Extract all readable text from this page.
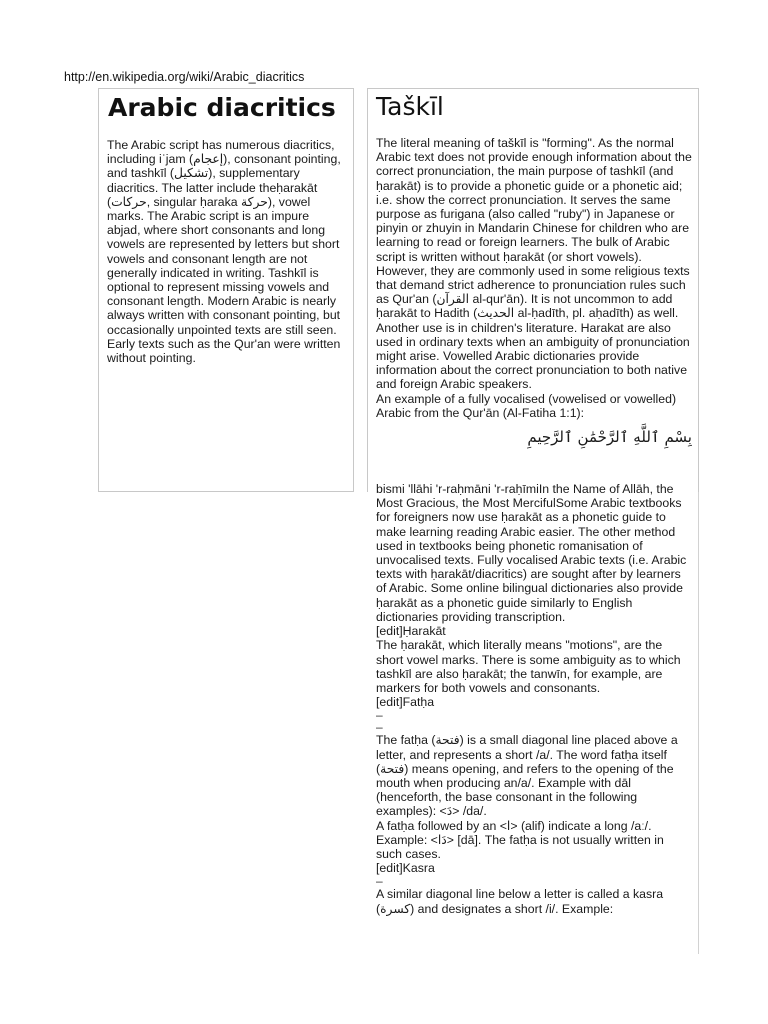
http://en.wikipedia.org/wiki/Arabic_diacritics
Arabic diacritics

The Arabic script has numerous diacritics, including iʿjam (إعجام), consonant pointing, and tashkīl (تشكيل), supplementary diacritics. The latter include theḥarakāt (حركات, singular ḥaraka حركة), vowel marks. The Arabic script is an impure abjad, where short consonants and long vowels are represented by letters but short vowels and consonant length are not generally indicated in writing. Tashkīl is optional to represent missing vowels and consonant length. Modern Arabic is nearly always written with consonant pointing, but occasionally unpointed texts are still seen. Early texts such as the Qur'an were written without pointing.

Taškīl

The literal meaning of taškīl is "forming". As the normal Arabic text does not provide enough information about the correct pronunciation, the main purpose of tashkīl (and ḥarakāt) is to provide a phonetic guide or a phonetic aid; i.e. show the correct pronunciation. It serves the same purpose as furigana (also called "ruby") in Japanese or pinyin or zhuyin in Mandarin Chinese for children who are learning to read or foreign learners. The bulk of Arabic script is written without ḥarakāt (or short vowels). However, they are commonly used in some religious texts that demand strict adherence to pronunciation rules such as Qur'an (القرآن al-qur'ān). It is not uncommon to add ḥarakāt to Hadith (الحديث al-ḥadīth, pl. aḥadīth) as well. Another use is in children's literature. Harakat are also used in ordinary texts when an ambiguity of pronunciation might arise. Vowelled Arabic dictionaries provide information about the correct pronunciation to both native and foreign Arabic speakers.

An example of a fully vocalised (vowelised or vowelled) Arabic from the Qur'ān (Al-Fatiha 1:1):

بِسْمِ ٱللَّهِ ٱلرَّحْمَٰنِ ٱلرَّحِيمِ

bismi 'llāhi 'r-raḥmāni 'r-raḥīmiIn the Name of Allāh, the Most Gracious, the Most MercifulSome Arabic textbooks for foreigners now use ḥarakāt as a phonetic guide to make learning reading Arabic easier. The other method used in textbooks being phonetic romanisation of unvocalised texts. Fully vocalised Arabic texts (i.e. Arabic texts with ḥarakāt/diacritics) are sought after by learners of Arabic. Some online bilingual dictionaries also provide ḥarakāt as a phonetic guide similarly to English dictionaries providing transcription.

[edit]Ḥarakāt

The ḥarakāt, which literally means "motions", are the short vowel marks. There is some ambiguity as to which tashkīl are also ḥarakāt; the tanwīn, for example, are markers for both vowels and consonants.

[edit]Fatḥa

–
–

The fatḥa (فتحة) is a small diagonal line placed above a letter, and represents a short /a/. The word fatḥa itself (فتحة) means opening, and refers to the opening of the mouth when producing an/a/. Example with dāl (henceforth, the base consonant in the following examples): <دَ> /da/.

A fatḥa followed by an <ا> (alif) indicate a long /aː/. Example: <دَا> [dā]. The fatḥa is not usually written in such cases.

[edit]Kasra

–

A similar diagonal line below a letter is called a kasra (كسرة) and designates a short /i/. Example:
